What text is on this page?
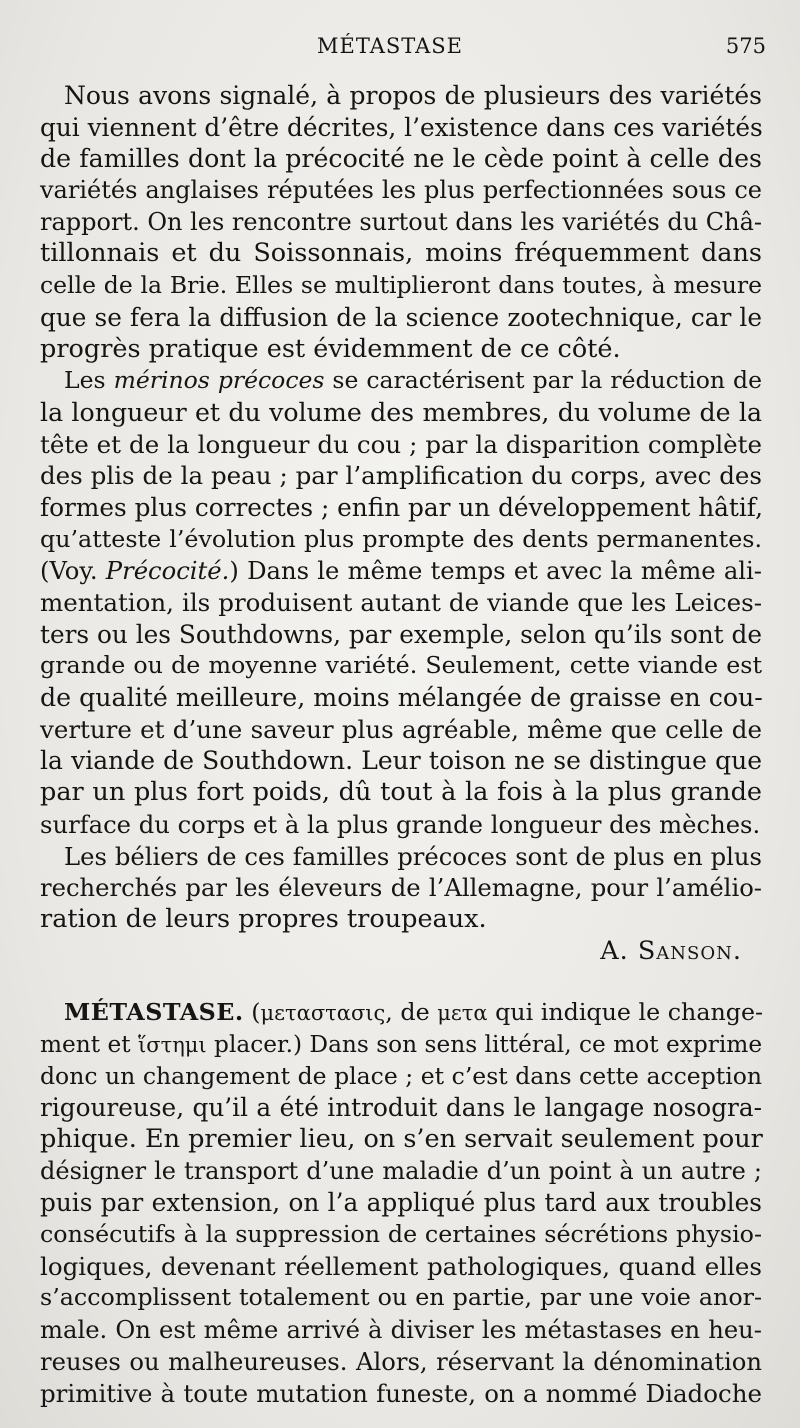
MÉTASTASE	575
Nous avons signalé, à propos de plusieurs des variétés
qui viennent d’être décrites, l’existence dans ces variétés
de familles dont la précocité ne le cède point à celle des
variétés anglaises réputées les plus perfectionnées sous ce
rapport. On les rencontre surtout dans les variétés du Châ-
tillonnais et du Soissonnais, moins fréquemment dans
celle de la Brie. Elles se multiplieront dans toutes, à mesure
que se fera la diffusion de la science zootechnique, car le
progrès pratique est évidemment de ce côté.
Les mérinos précoces se caractérisent par la réduction de
la longueur et du volume des membres, du volume de la
tête et de la longueur du cou ; par la disparition complète
des plis de la peau ; par l’amplification du corps, avec des
formes plus correctes ; enfin par un développement hâtif,
qu’atteste l’évolution plus prompte des dents permanentes.
(Voy. Précocité.) Dans le même temps et avec la même ali-
mentation, ils produisent autant de viande que les Leices-
ters ou les Southdowns, par exemple, selon qu’ils sont de
grande ou de moyenne variété. Seulement, cette viande est
de qualité meilleure, moins mélangée de graisse en cou-
verture et d’une saveur plus agréable, même que celle de
la viande de Southdown. Leur toison ne se distingue que
par un plus fort poids, dû tout à la fois à la plus grande
surface du corps et à la plus grande longueur des mèches.
Les béliers de ces familles précoces sont de plus en plus
recherchés par les éleveurs de l’Allemagne, pour l’amélio-
ration de leurs propres troupeaux.
A. Sanson.
MÉTASTASE. (μεταστασις, de μετα qui indique le change-
ment et ἵστημι placer.) Dans son sens littéral, ce mot exprime
donc un changement de place ; et c’est dans cette acception
rigoureuse, qu’il a été introduit dans le langage nosogra-
phique. En premier lieu, on s’en servait seulement pour
désigner le transport d’une maladie d’un point à un autre ;
puis par extension, on l’a appliqué plus tard aux troubles
consécutifs à la suppression de certaines sécrétions physio-
logiques, devenant réellement pathologiques, quand elles
s’accomplissent totalement ou en partie, par une voie anor-
male. On est même arrivé à diviser les métastases en heu-
reuses ou malheureuses. Alors, réservant la dénomination
primitive à toute mutation funeste, on a nommé Diadoche
